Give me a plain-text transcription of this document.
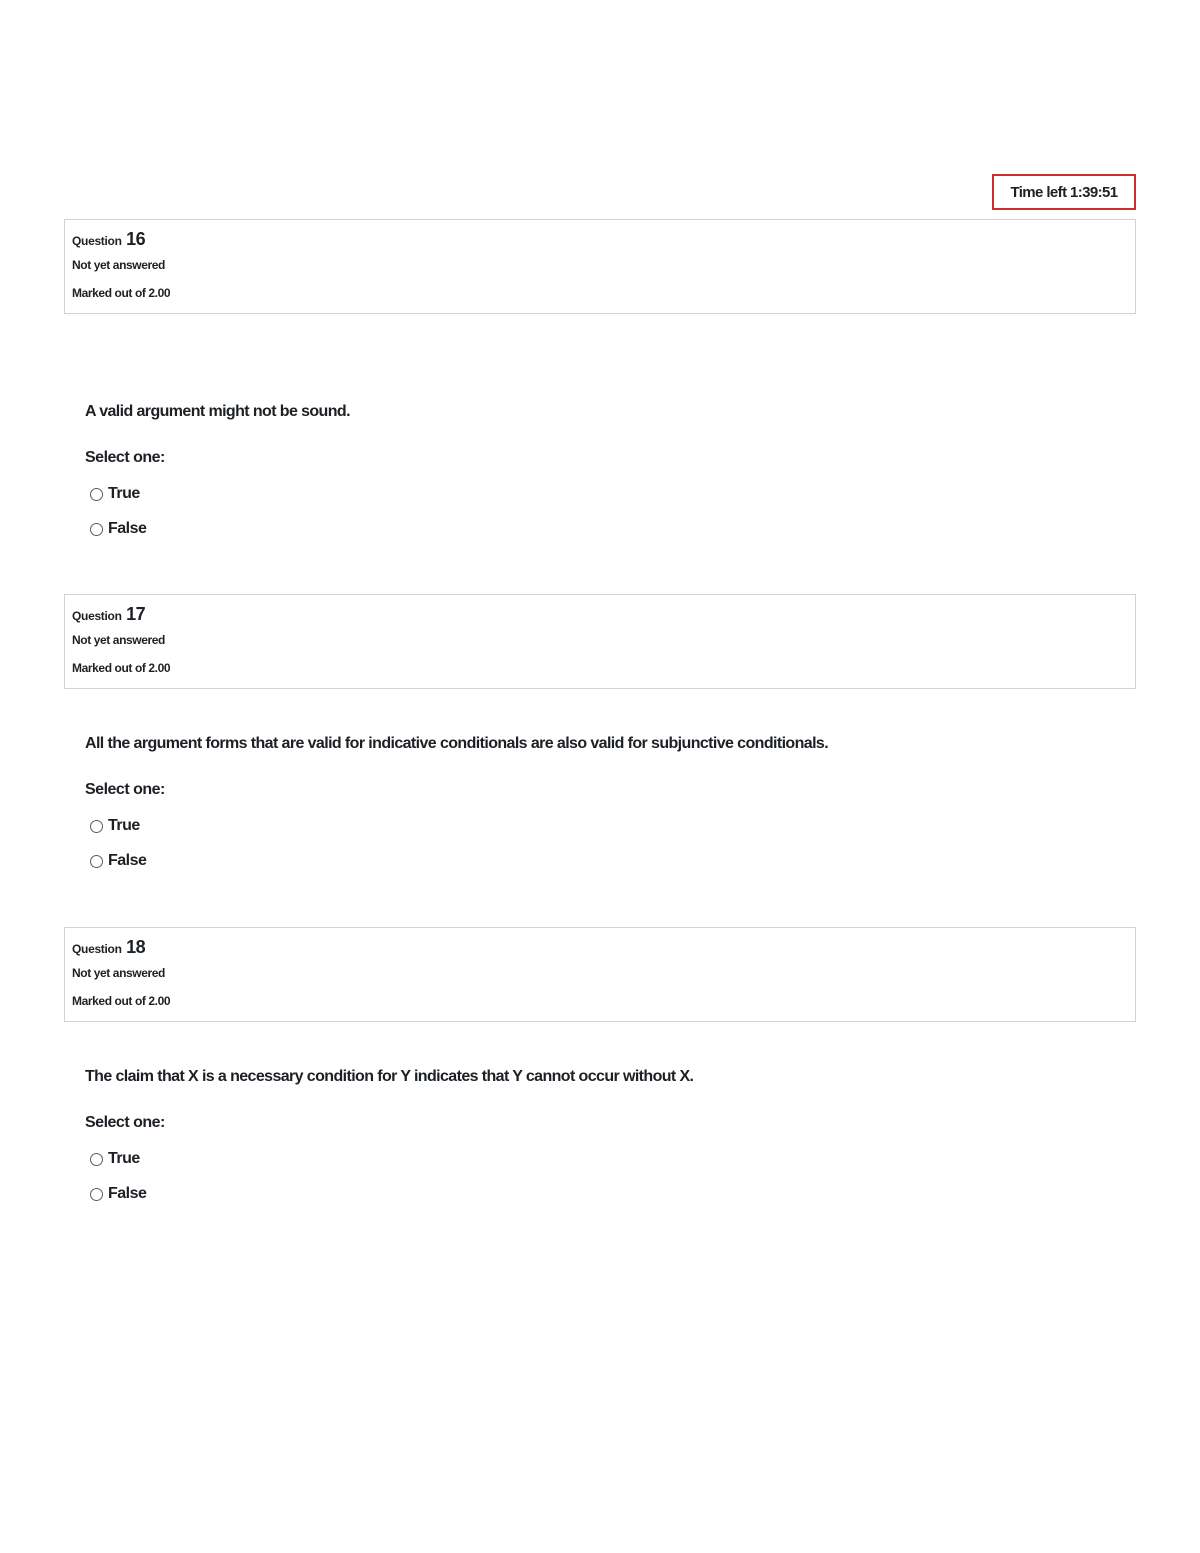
Time left 1:39:51
Question 16
Not yet answered
Marked out of 2.00
A valid argument might not be sound.
Select one:
True
False
Question 17
Not yet answered
Marked out of 2.00
All the argument forms that are valid for indicative conditionals are also valid for subjunctive conditionals.
Select one:
True
False
Question 18
Not yet answered
Marked out of 2.00
The claim that X is a necessary condition for Y indicates that Y cannot occur without X.
Select one:
True
False
